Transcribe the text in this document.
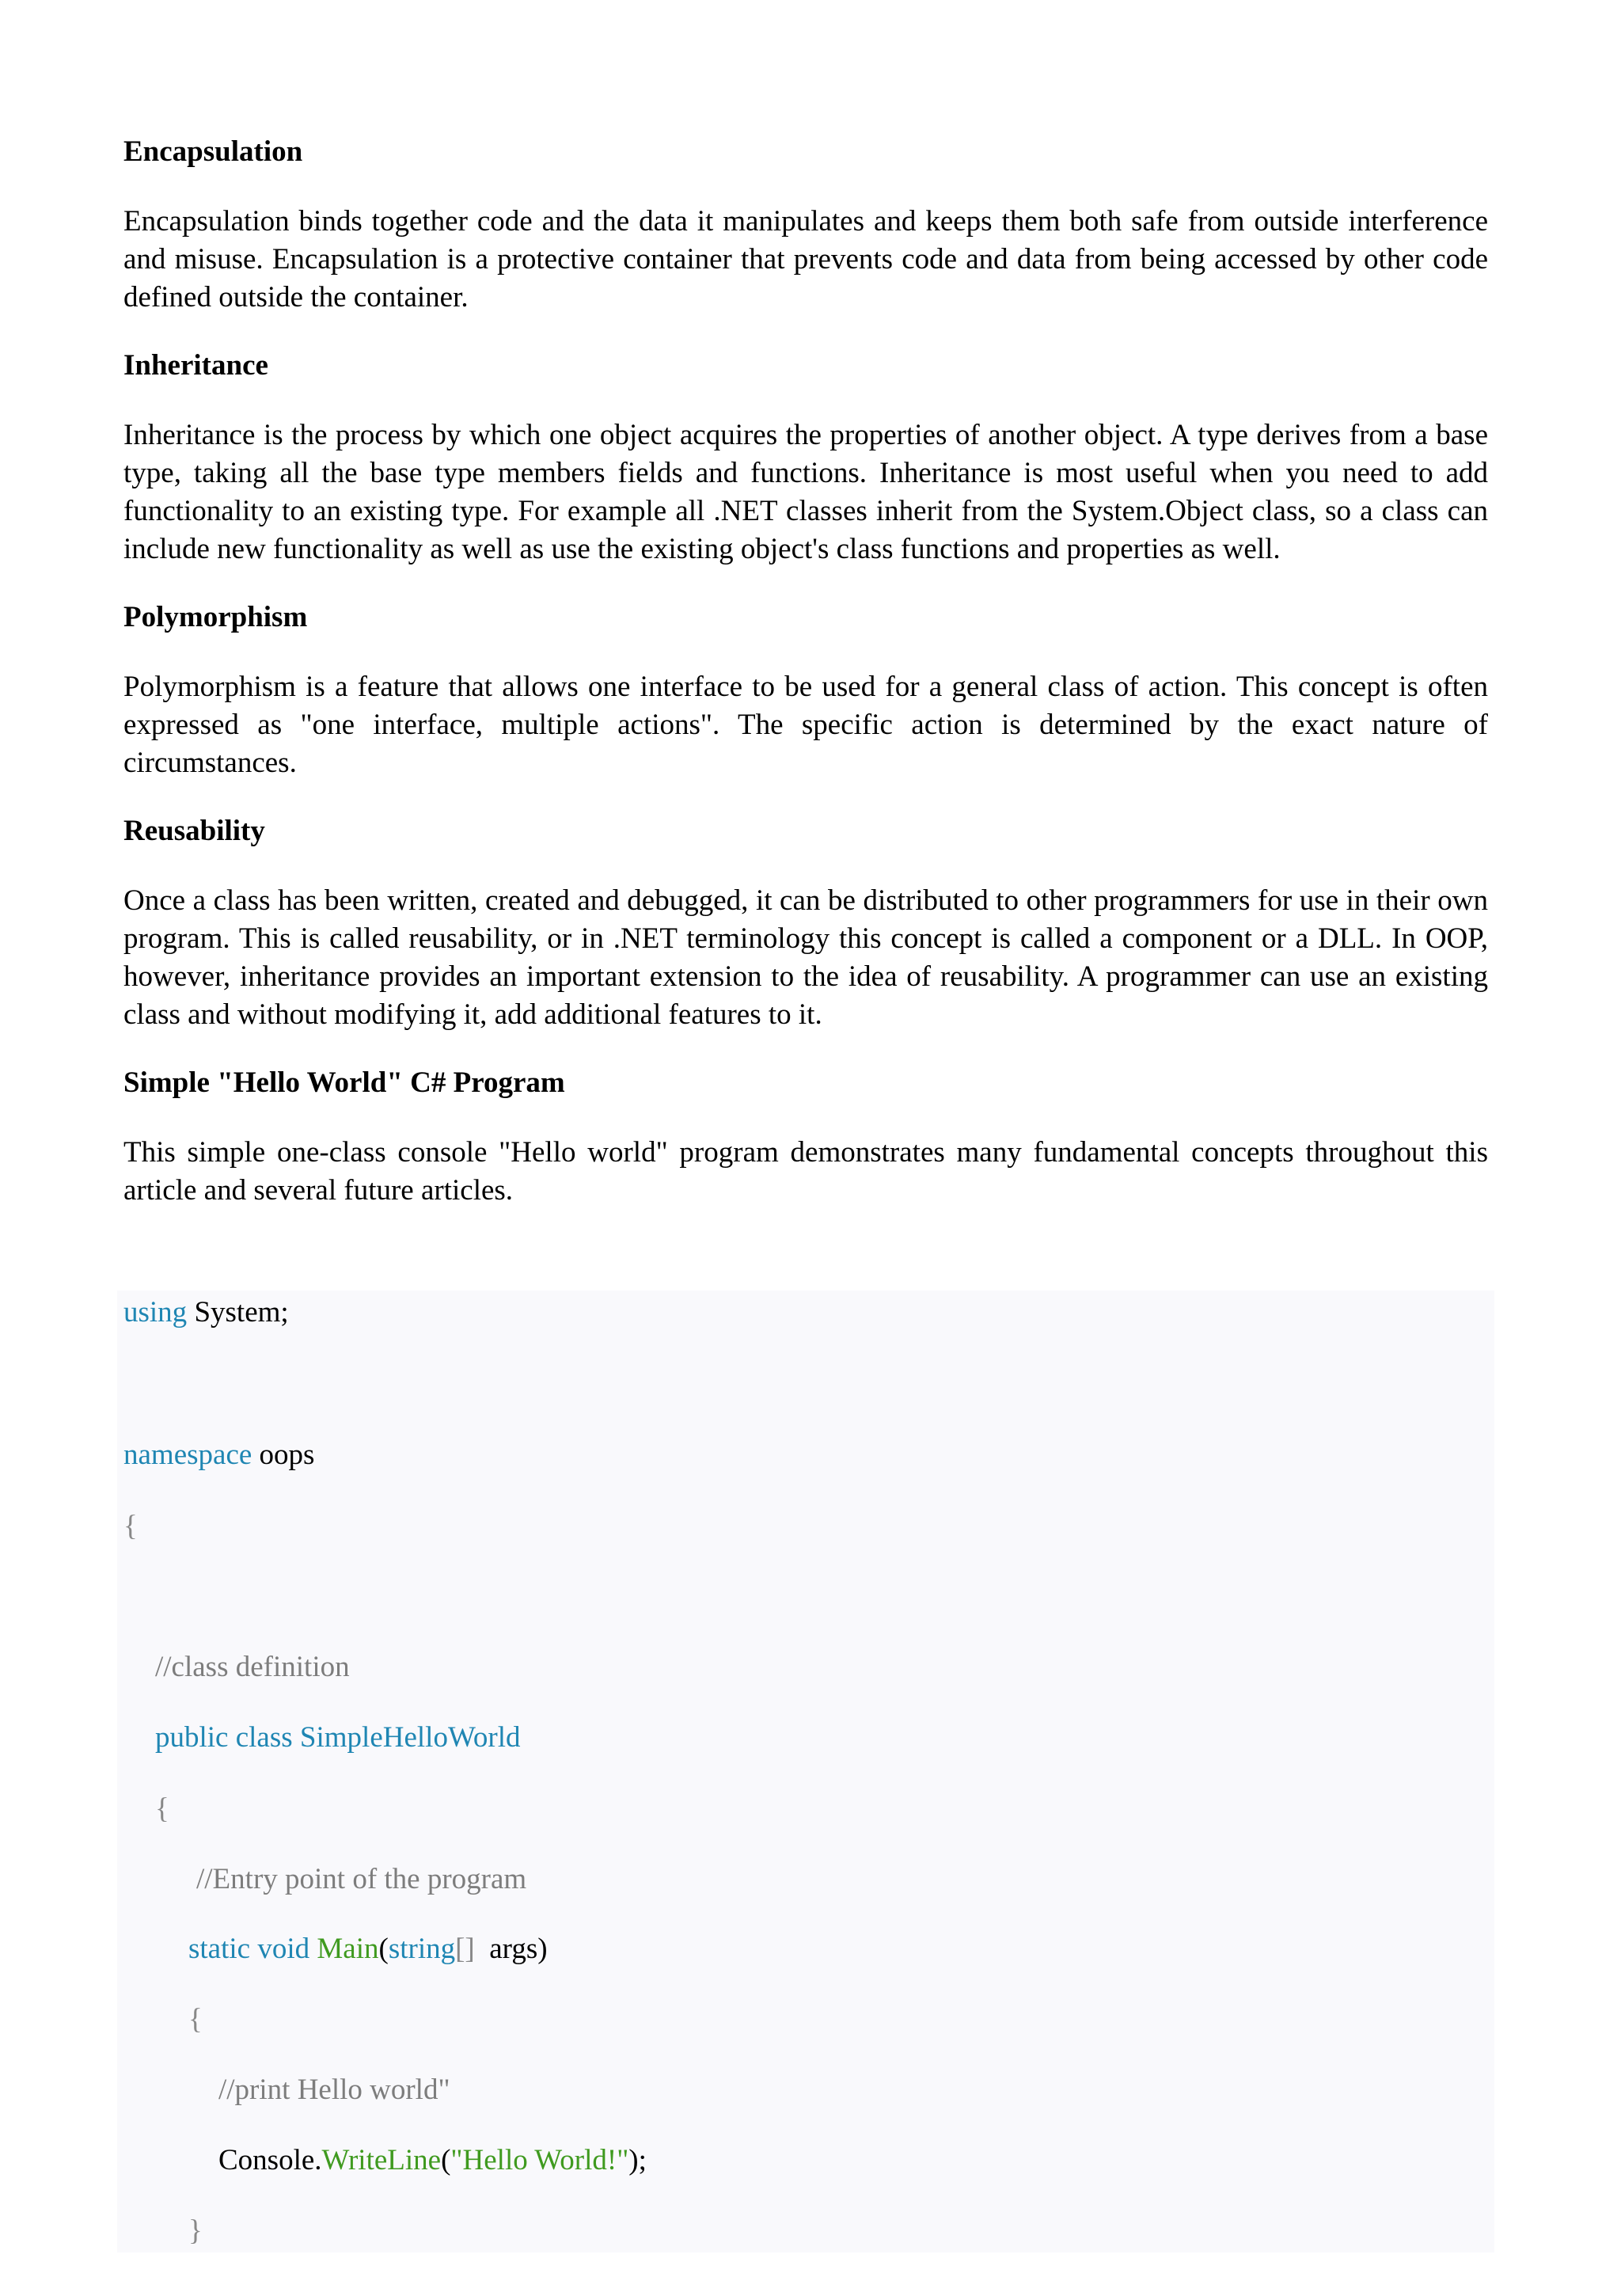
Encapsulation

Encapsulation binds together code and the data it manipulates and keeps them both safe from outside interference and misuse. Encapsulation is a protective container that prevents code and data from being accessed by other code defined outside the container.

Inheritance

Inheritance is the process by which one object acquires the properties of another object. A type derives from a base type, taking all the base type members fields and functions. Inheritance is most useful when you need to add functionality to an existing type. For example all .NET classes inherit from the System.Object class, so a class can include new functionality as well as use the existing object's class functions and properties as well.

Polymorphism

Polymorphism is a feature that allows one interface to be used for a general class of action. This concept is often expressed as "one interface, multiple actions". The specific action is determined by the exact nature of circumstances.

Reusability

Once a class has been written, created and debugged, it can be distributed to other programmers for use in their own program. This is called reusability, or in .NET terminology this concept is called a component or a DLL. In OOP, however, inheritance provides an important extension to the idea of reusability. A programmer can use an existing class and without modifying it, add additional features to it.

Simple "Hello World" C# Program

This simple one-class console "Hello world" program demonstrates many fundamental concepts throughout this article and several future articles.

using System;
namespace oops
{
//class definition
public class SimpleHelloWorld
{
//Entry point of the program
static void Main(string[] args)
{
//print Hello world"
Console.WriteLine("Hello World!");
}
